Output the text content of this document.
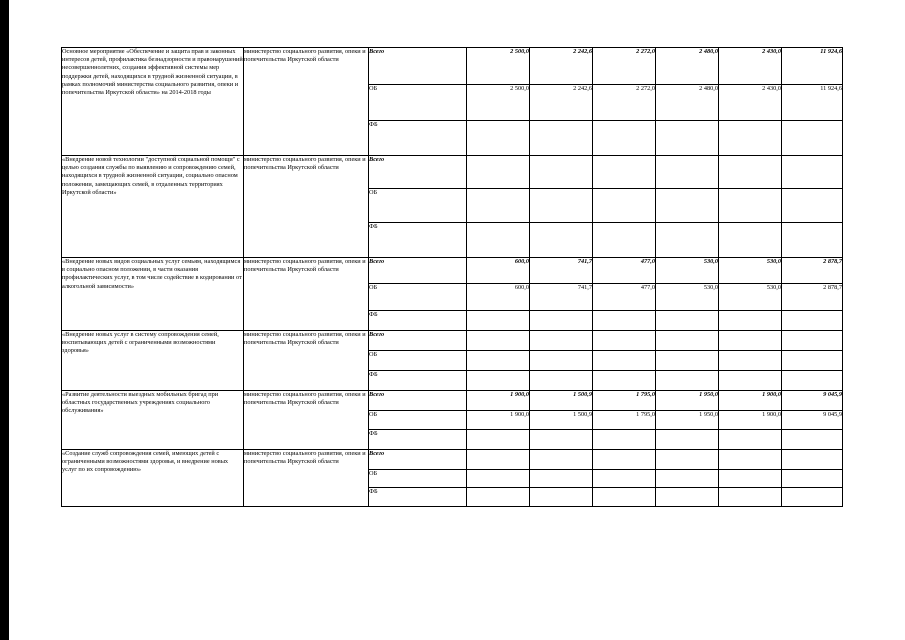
Основное мероприятие «Обеспечение и защита прав и законных интересов детей, профилактика безнадзорности и правонарушений несовершеннолетних, создания эффективной системы мер поддержки детей, находящихся в трудной жизненной ситуации, в рамках полномочий министерства социального развития, опеки и попечительства Иркутской области» на 2014-2018 годы	министерство социального развития, опеки и попечительства Иркутской области	Всего	2 500,0	2 242,6	2 272,0	2 480,0	2 430,0	11 924,6
		ОБ	2 500,0	2 242,6	2 272,0	2 480,0	2 430,0	11 924,6
		ФБ						
«Внедрение новой технологии "доступной социальной помощи" с целью создания службы по выявлению и сопровождению семей, находящихся в трудной жизненной ситуации, социально опасном положении, замещающих семей, в отдаленных территориях Иркутской области»	министерство социального развития, опеки и попечительства Иркутской области	Всего						
		ОБ						
		ФБ						
«Внедрение новых видов социальных услуг семьям, находящимся в социально опасном положении, в части оказания профилактических услуг, в том числе содействие в кодировании от алкогольной зависимости»	министерство социального развития, опеки и попечительства Иркутской области	Всего	600,0	741,7	477,0	530,0	530,0	2 878,7
		ОБ	600,0	741,7	477,0	530,0	530,0	2 878,7
		ФБ						
«Внедрение новых услуг в систему сопровождения семей, воспитывающих детей с ограниченными возможностями здоровья»	министерство социального развития, опеки и попечительства Иркутской области	Всего						
		ОБ						
		ФБ						
«Развитие деятельности выездных мобильных бригад при областных государственных учреждениях социального обслуживания»	министерство социального развития, опеки и попечительства Иркутской области	Всего	1 900,0	1 500,9	1 795,0	1 950,0	1 900,0	9 045,9
		ОБ	1 900,0	1 500,9	1 795,0	1 950,0	1 900,0	9 045,9
		ФБ						
«Создание служб сопровождения семей, имеющих детей с ограниченными возможностями здоровья, и внедрение новых услуг по их сопровождению»	министерство социального развития, опеки и попечительства Иркутской области	Всего						
		ОБ						
		ФБ						
